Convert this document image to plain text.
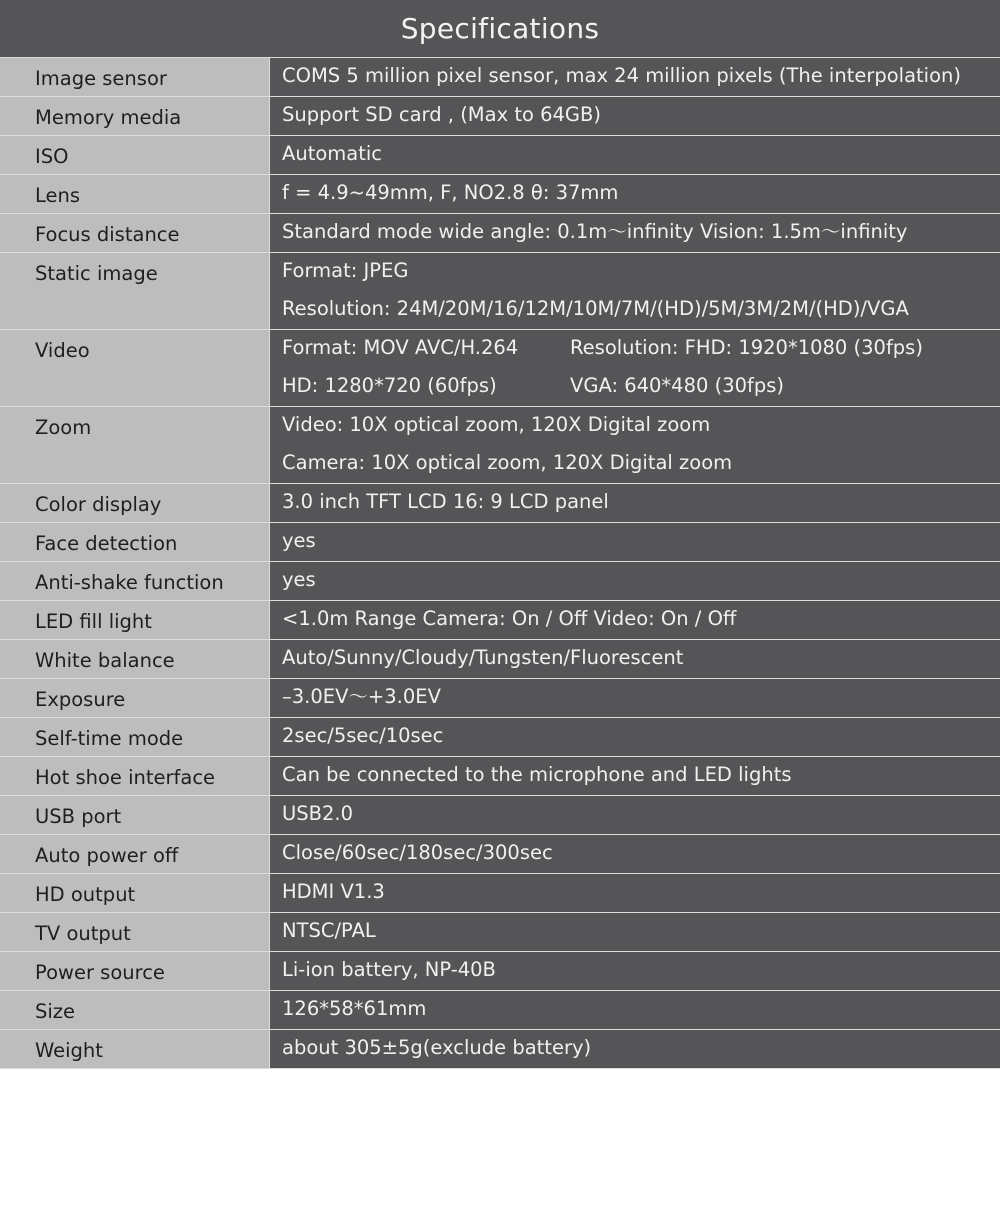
Specifications
Image sensor	COMS 5 million pixel sensor, max 24 million pixels (The interpolation)
Memory media	Support SD card , (Max to 64GB)
ISO	Automatic
Lens	f = 4.9~49mm, F, NO2.8 θ: 37mm
Focus distance	Standard mode wide angle: 0.1m～infinity Vision: 1.5m～infinity
Static image	Format: JPEG
Resolution: 24M/20M/16/12M/10M/7M/(HD)/5M/3M/2M/(HD)/VGA
Video	Format: MOV AVC/H.264	Resolution: FHD: 1920*1080 (30fps)
HD: 1280*720 (60fps)	VGA: 640*480 (30fps)
Zoom	Video: 10X optical zoom, 120X Digital zoom
Camera: 10X optical zoom, 120X Digital zoom
Color display	3.0 inch TFT LCD 16: 9 LCD panel
Face detection	yes
Anti-shake function	yes
LED fill light	<1.0m Range Camera: On / Off Video: On / Off
White balance	Auto/Sunny/Cloudy/Tungsten/Fluorescent
Exposure	–3.0EV～+3.0EV
Self-time mode	2sec/5sec/10sec
Hot shoe interface	Can be connected to the microphone and LED lights
USB port	USB2.0
Auto power off	Close/60sec/180sec/300sec
HD output	HDMI V1.3
TV output	NTSC/PAL
Power source	Li-ion battery, NP-40B
Size	126*58*61mm
Weight	about 305±5g(exclude battery)
